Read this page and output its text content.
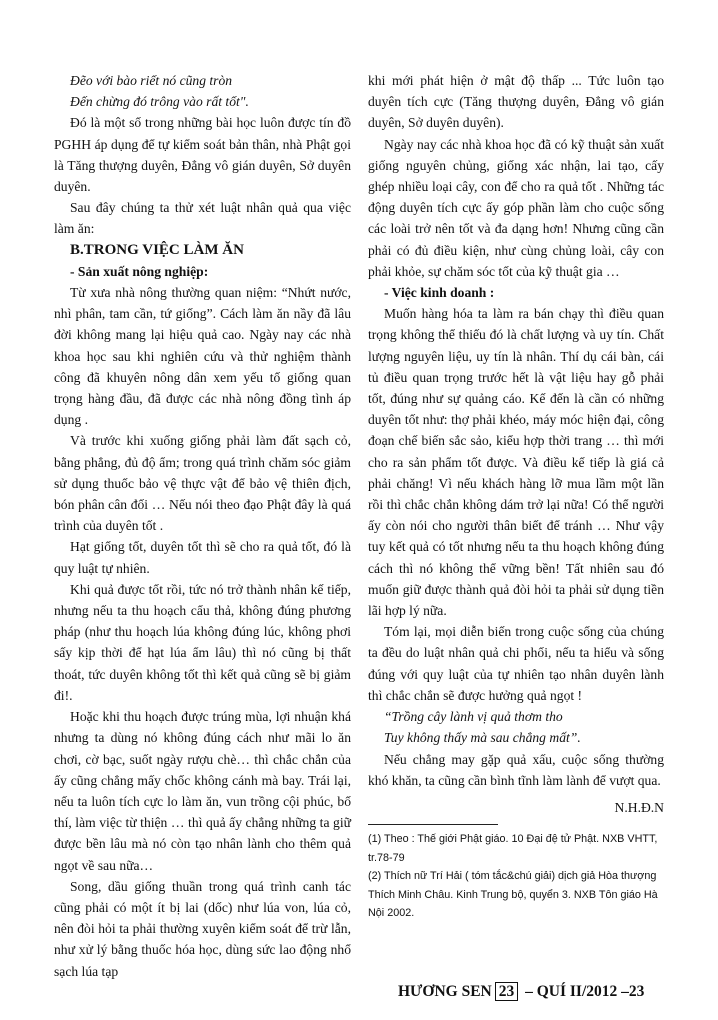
Đẽo với bào riết nó cũng tròn

Đến chừng đó trông vào rất tốt".

Đó là một số trong những bài học luôn được tín đồ PGHH áp dụng để tự kiểm soát bản thân, nhà Phật gọi là Tăng thượng duyên, Đẳng vô gián duyên, Sở duyên duyên.

Sau đây chúng ta thử xét luật nhân quả qua việc làm ăn:

B.TRONG VIỆC LÀM ĂN

- Sản xuất nông nghiệp:

Từ xưa nhà nông thường quan niệm: “Nhứt nước, nhì phân, tam cần, tứ giống”. Cách làm ăn nầy đã lâu đời không mang lại hiệu quả cao. Ngày nay các nhà khoa học sau khi nghiên cứu và thử nghiệm thành công đã khuyên nông dân xem yếu tố giống quan trọng hàng đầu, đã được các nhà nông đồng tình áp dụng .

Và trước khi xuống giống phải làm đất sạch cỏ, bằng phẳng, đủ độ ẩm; trong quá trình chăm sóc giảm sử dụng thuốc bảo vệ thực vật để bảo vệ thiên địch, bón phân cân đối … Nếu nói theo đạo Phật đây là quá trình của duyên tốt .

Hạt giống tốt, duyên tốt thì sẽ cho ra quả tốt, đó là quy luật tự nhiên.

Khi quả được tốt rồi, tức nó trở thành nhân kế tiếp, nhưng nếu ta thu hoạch cẩu thả, không đúng phương pháp (như thu hoạch lúa không đúng lúc, không phơi sấy kịp thời để hạt lúa ẩm lâu) thì nó cũng bị thất thoát, tức duyên không tốt thì kết quả cũng sẽ bị giảm đi!.

Hoặc khi thu hoạch được trúng mùa, lợi nhuận khá nhưng ta dùng nó không đúng cách như mãi lo ăn chơi, cờ bạc, suốt ngày rượu chè… thì chắc chắn của ấy cũng chẳng mấy chốc không cánh mà bay. Trái lại, nếu ta luôn tích cực lo làm ăn, vun trồng cội phúc, bố thí, làm việc từ thiện … thì quả ấy chẳng những ta giữ được bền lâu mà nó còn tạo nhân lành cho thêm quả ngọt về sau nữa…

Song, dầu giống thuần trong quá trình canh tác cũng phải có một ít bị lai (dốc) như lúa von, lúa cỏ, nên đòi hỏi ta phải thường xuyên kiểm soát để trừ lẫn, như xử lý bằng thuốc hóa học, dùng sức lao động nhổ sạch lúa tạp

khi mới phát hiện ở mật độ thấp ... Tức luôn tạo duyên tích cực (Tăng thượng duyên, Đẳng vô gián duyên, Sở duyên duyên).

Ngày nay các nhà khoa học đã có kỹ thuật sản xuất giống nguyên chủng, giống xác nhận, lai tạo, cấy ghép nhiều loại cây, con để cho ra quả tốt . Những tác động duyên tích cực ấy góp phần làm cho cuộc sống các loài trở nên tốt và đa dạng hơn! Nhưng cũng cần phải có đủ điều kiện, như cùng chủng loài, cây con phải khỏe, sự chăm sóc tốt của kỹ thuật gia …

- Việc kinh doanh :

Muốn hàng hóa ta làm ra bán chạy thì điều quan trọng không thể thiếu đó là chất lượng và uy tín. Chất lượng nguyên liệu, uy tín là nhân. Thí dụ cái bàn, cái tủ điều quan trọng trước hết là vật liệu hay gỗ phải tốt, đúng như sự quảng cáo. Kế đến là cần có những duyên tốt như: thợ phải khéo, máy móc hiện đại, công đoạn chế biến sắc sảo, kiểu hợp thời trang … thì mới cho ra sản phẩm tốt được. Và điều kế tiếp là giá cả phải chăng! Vì nếu khách hàng lỡ mua lầm một lần rồi thì chắc chắn không dám trở lại nữa! Có thể người ấy còn nói cho người thân biết để tránh … Như vậy tuy kết quả có tốt nhưng nếu ta thu hoạch không đúng cách thì nó không thể vững bền! Tất nhiên sau đó muốn giữ được thành quả đòi hỏi ta phải sử dụng tiền lãi hợp lý nữa.

Tóm lại, mọi diễn biến trong cuộc sống của chúng ta đều do luật nhân quả chi phối, nếu ta hiểu và sống đúng với quy luật của tự nhiên tạo nhân duyên lành thì chắc chắn sẽ được hưởng quả ngọt !

“Trồng cây lành vị quả thơm tho

Tuy không thấy mà sau chẳng mất”.

Nếu chẳng may gặp quả xấu, cuộc sống thường khó khăn, ta cũng cần bình tĩnh làm lành để vượt qua.

N.H.Đ.N

(1) Theo : Thế giới Phật giáo. 10 Đại đệ tử Phật. NXB VHTT, tr.78-79

(2) Thích nữ Trí Hải ( tóm tắc&chú giải) dịch giả Hòa thượng Thích Minh Châu. Kinh Trung bộ, quyển 3. NXB Tôn giáo Hà Nội 2002.

HƯƠNG SEN 23 – QUÍ II/2012 –23
